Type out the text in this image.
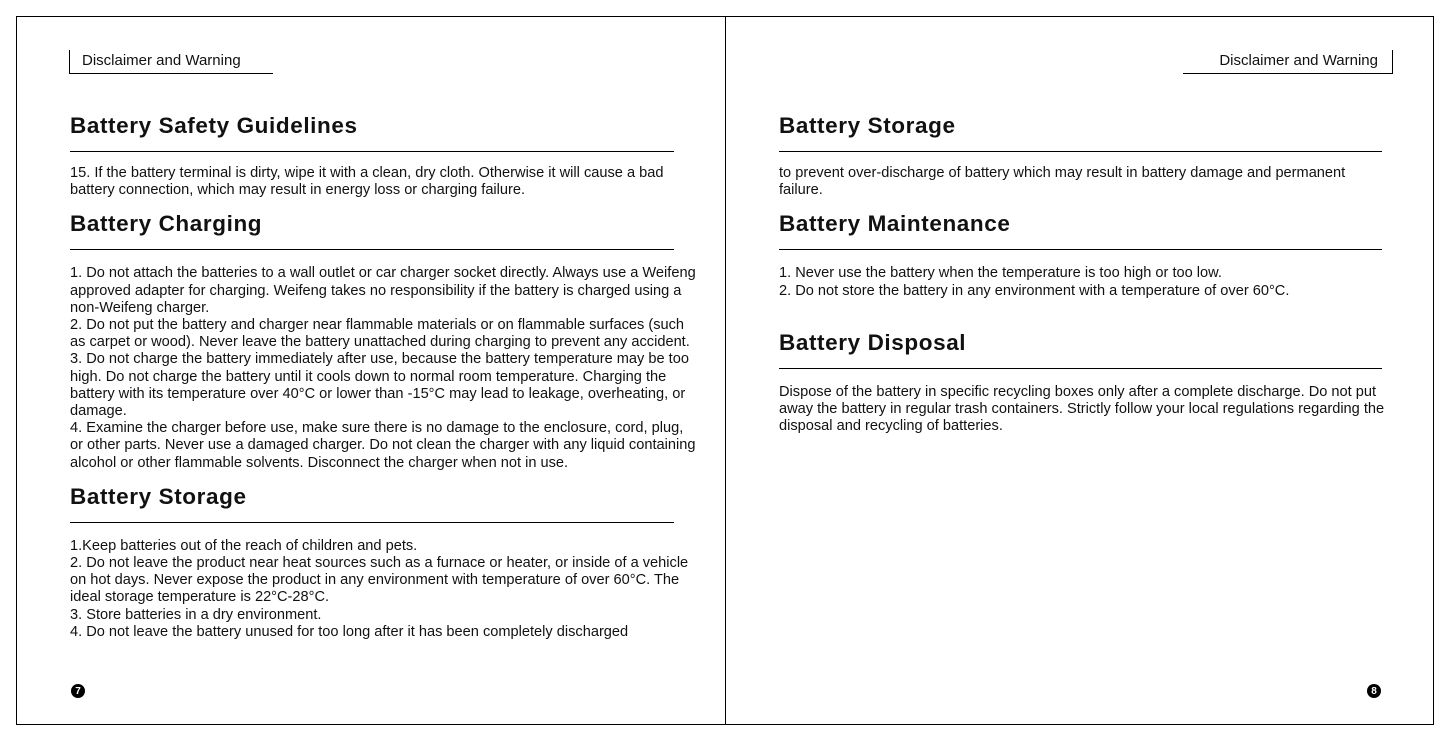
Disclaimer and Warning
Battery Safety Guidelines

15. If the battery terminal is dirty, wipe it with a clean, dry cloth. Otherwise it will cause a bad battery connection, which may result in energy loss or charging failure.

Battery Charging

1. Do not attach the batteries to a wall outlet or car charger socket directly. Always use a Weifeng approved adapter for charging. Weifeng takes no responsibility if the battery is charged using a non-Weifeng charger.

2. Do not put the battery and charger near flammable materials or on flammable surfaces (such as carpet or wood). Never leave the battery unattached during charging to prevent any accident.

3. Do not charge the battery immediately after use, because the battery temperature may be too high. Do not charge the battery until it cools down to normal room temperature. Charging the battery with its temperature over 40°C or lower than -15°C may lead to leakage, overheating, or damage.

4. Examine the charger before use, make sure there is no damage to the enclosure, cord, plug, or other parts. Never use a damaged charger. Do not clean the charger with any liquid containing alcohol or other flammable solvents. Disconnect the charger when not in use.

Battery Storage

1.Keep batteries out of the reach of children and pets.

2. Do not leave the product near heat sources such as a furnace or heater, or inside of a vehicle on hot days. Never expose the product in any environment with temperature of over 60°C. The ideal storage temperature is 22°C-28°C.

3. Store batteries in a dry environment.

4. Do not leave the battery unused for too long after it has been completely discharged

7
Disclaimer and Warning
Battery Storage

to prevent over-discharge of battery which may result in battery damage and permanent failure.

Battery Maintenance

1. Never use the battery when the temperature is too high or too low.

2. Do not store the battery in any environment with a temperature of over 60°C.

Battery Disposal

Dispose of the battery in specific recycling boxes only after a complete discharge. Do not put away the battery in regular trash containers. Strictly follow your local regulations regarding the disposal and recycling of batteries.

8
